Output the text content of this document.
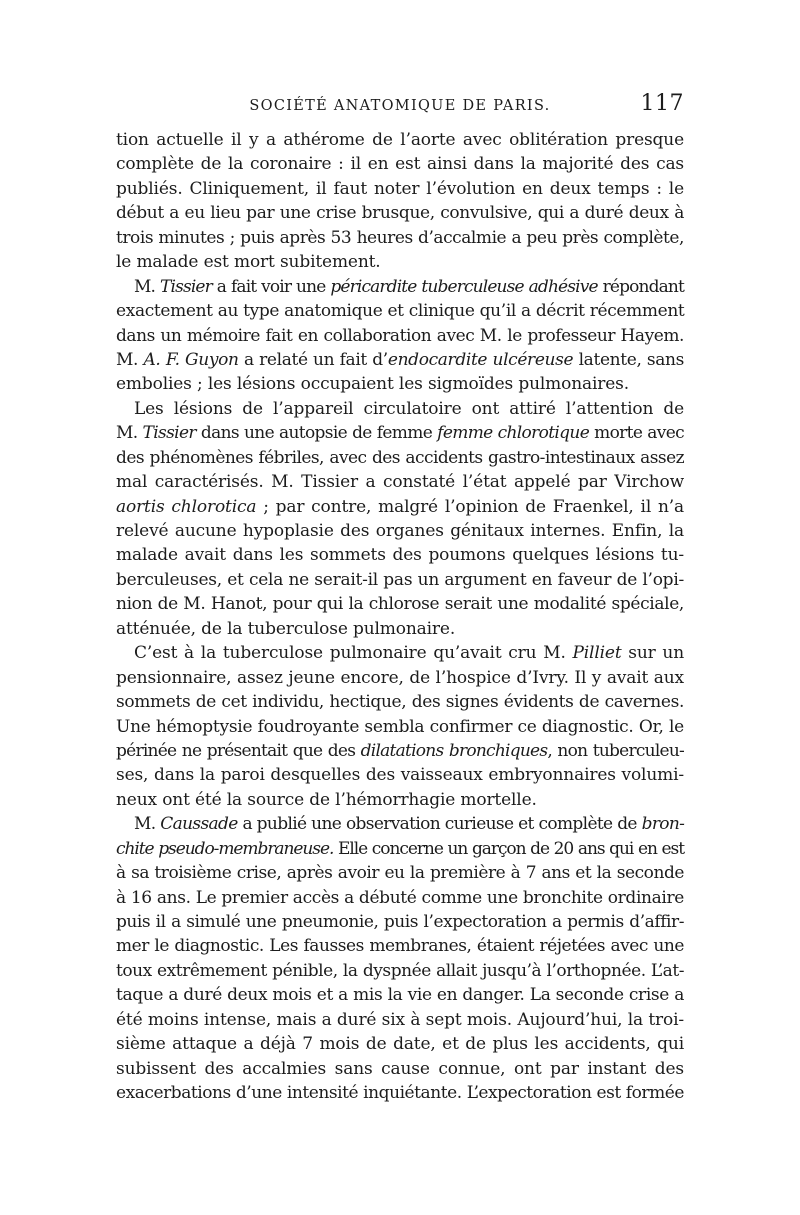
SOCIÉTÉ ANATOMIQUE DE PARIS.	117
tion actuelle il y a athérome de l’aorte avec oblitération presque
complète de la coronaire : il en est ainsi dans la majorité des cas
publiés. Cliniquement, il faut noter l’évolution en deux temps : le
début a eu lieu par une crise brusque, convulsive, qui a duré deux à
trois minutes ; puis après 53 heures d’accalmie a peu près complète,
le malade est mort subitement.
M. Tissier a fait voir une péricardite tuberculeuse adhésive répondant
exactement au type anatomique et clinique qu’il a décrit récemment
dans un mémoire fait en collaboration avec M. le professeur Hayem.
M. A. F. Guyon a relaté un fait d’endocardite ulcéreuse latente, sans
embolies ; les lésions occupaient les sigmoïdes pulmonaires.
Les lésions de l’appareil circulatoire ont attiré l’attention de
M. Tissier dans une autopsie de femme femme chlorotique morte avec
des phénomènes fébriles, avec des accidents gastro-intestinaux assez
mal caractérisés. M. Tissier a constaté l’état appelé par Virchow
aortis chlorotica ; par contre, malgré l’opinion de Fraenkel, il n’a
relevé aucune hypoplasie des organes génitaux internes. Enfin, la
malade avait dans les sommets des poumons quelques lésions tu-
berculeuses, et cela ne serait-il pas un argument en faveur de l’opi-
nion de M. Hanot, pour qui la chlorose serait une modalité spéciale,
atténuée, de la tuberculose pulmonaire.
C’est à la tuberculose pulmonaire qu’avait cru M. Pilliet sur un
pensionnaire, assez jeune encore, de l’hospice d’Ivry. Il y avait aux
sommets de cet individu, hectique, des signes évidents de cavernes.
Une hémoptysie foudroyante sembla confirmer ce diagnostic. Or, le
périnée ne présentait que des dilatations bronchiques, non tuberculeu-
ses, dans la paroi desquelles des vaisseaux embryonnaires volumi-
neux ont été la source de l’hémorrhagie mortelle.
M. Caussade a publié une observation curieuse et complète de bron-
chite pseudo-membraneuse. Elle concerne un garçon de 20 ans qui en est
à sa troisième crise, après avoir eu la première à 7 ans et la seconde
à 16 ans. Le premier accès a débuté comme une bronchite ordinaire
puis il a simulé une pneumonie, puis l’expectoration a permis d’affir-
mer le diagnostic. Les fausses membranes, étaient réjetées avec une
toux extrêmement pénible, la dyspnée allait jusqu’à l’orthopnée. L’at-
taque a duré deux mois et a mis la vie en danger. La seconde crise a
été moins intense, mais a duré six à sept mois. Aujourd’hui, la troi-
sième attaque a déjà 7 mois de date, et de plus les accidents, qui
subissent des accalmies sans cause connue, ont par instant des
exacerbations d’une intensité inquiétante. L’expectoration est formée
